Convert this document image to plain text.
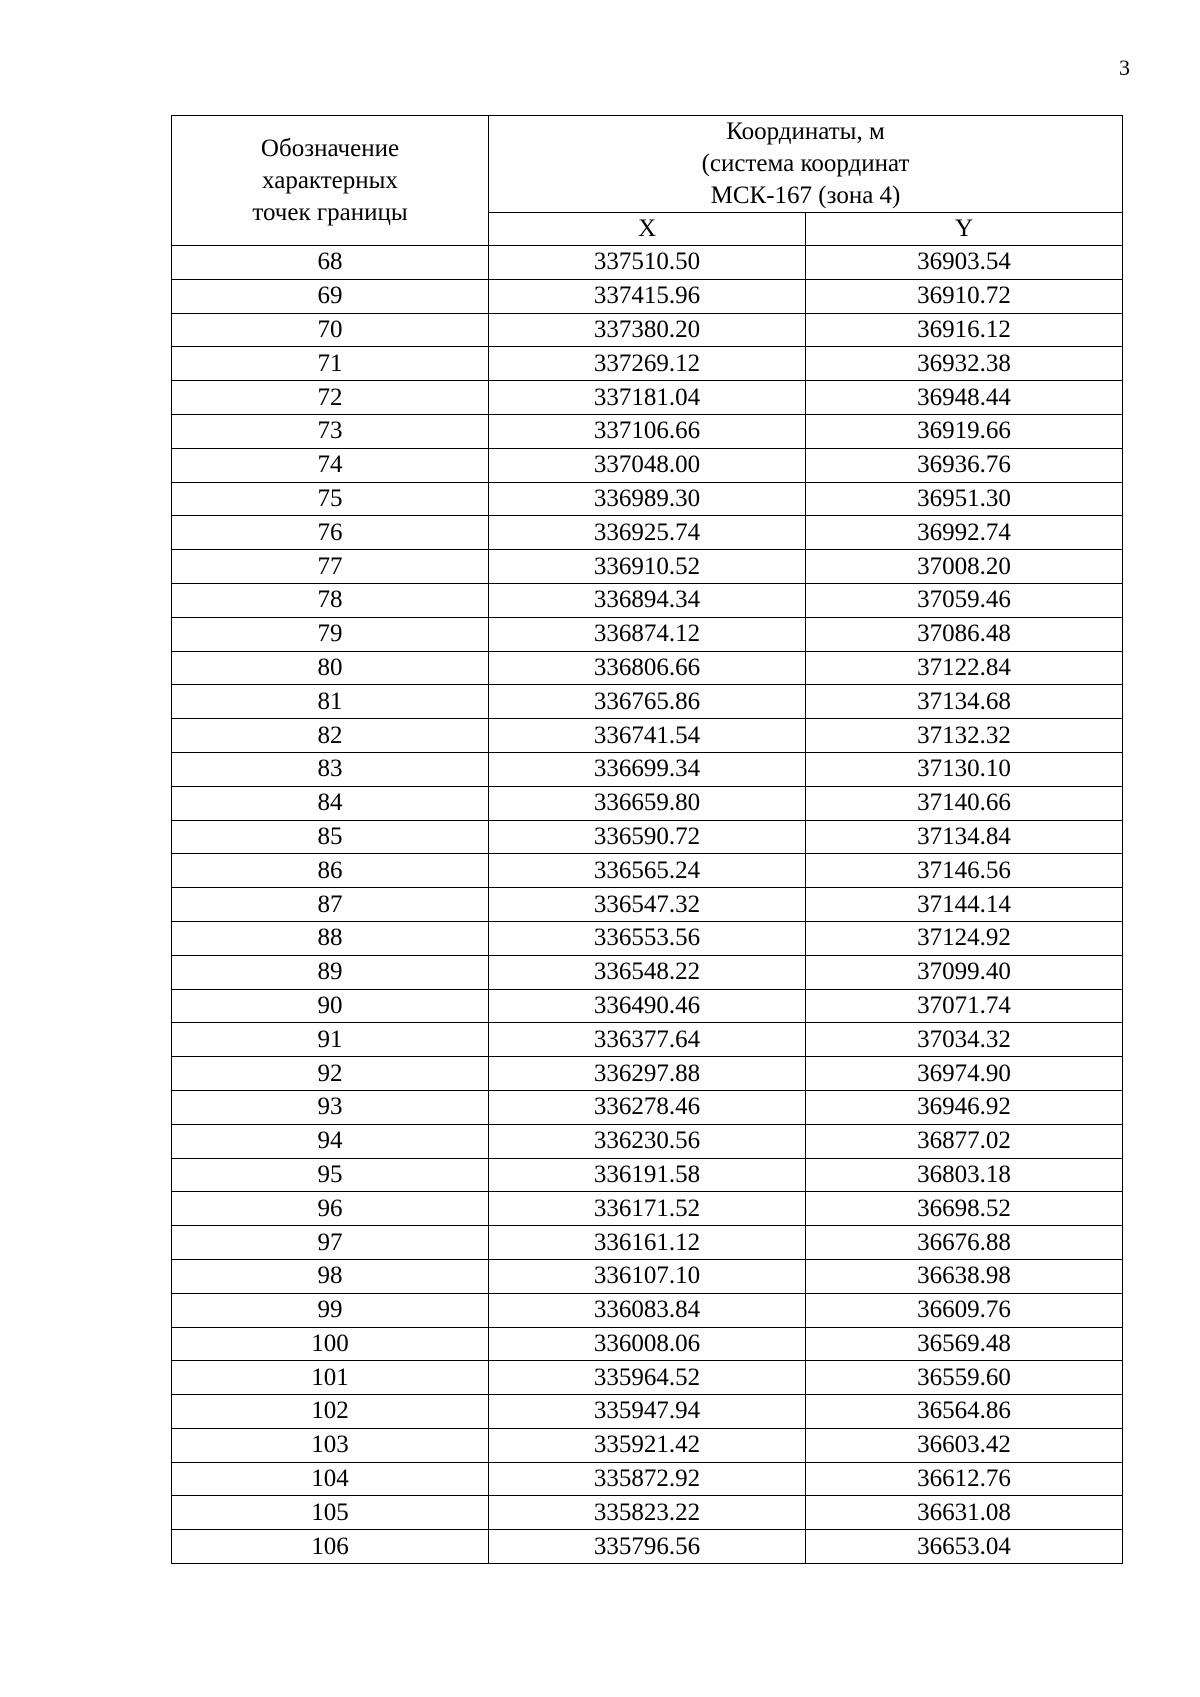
3
Обозначение
характерных
точек границы	Координаты, м
(система координат
МСК-167 (зона 4)	

	X	Y
68	337510.50	36903.54
69	337415.96	36910.72
70	337380.20	36916.12
71	337269.12	36932.38
72	337181.04	36948.44
73	337106.66	36919.66
74	337048.00	36936.76
75	336989.30	36951.30
76	336925.74	36992.74
77	336910.52	37008.20
78	336894.34	37059.46
79	336874.12	37086.48
80	336806.66	37122.84
81	336765.86	37134.68
82	336741.54	37132.32
83	336699.34	37130.10
84	336659.80	37140.66
85	336590.72	37134.84
86	336565.24	37146.56
87	336547.32	37144.14
88	336553.56	37124.92
89	336548.22	37099.40
90	336490.46	37071.74
91	336377.64	37034.32
92	336297.88	36974.90
93	336278.46	36946.92
94	336230.56	36877.02
95	336191.58	36803.18
96	336171.52	36698.52
97	336161.12	36676.88
98	336107.10	36638.98
99	336083.84	36609.76
100	336008.06	36569.48
101	335964.52	36559.60
102	335947.94	36564.86
103	335921.42	36603.42
104	335872.92	36612.76
105	335823.22	36631.08
106	335796.56	36653.04
